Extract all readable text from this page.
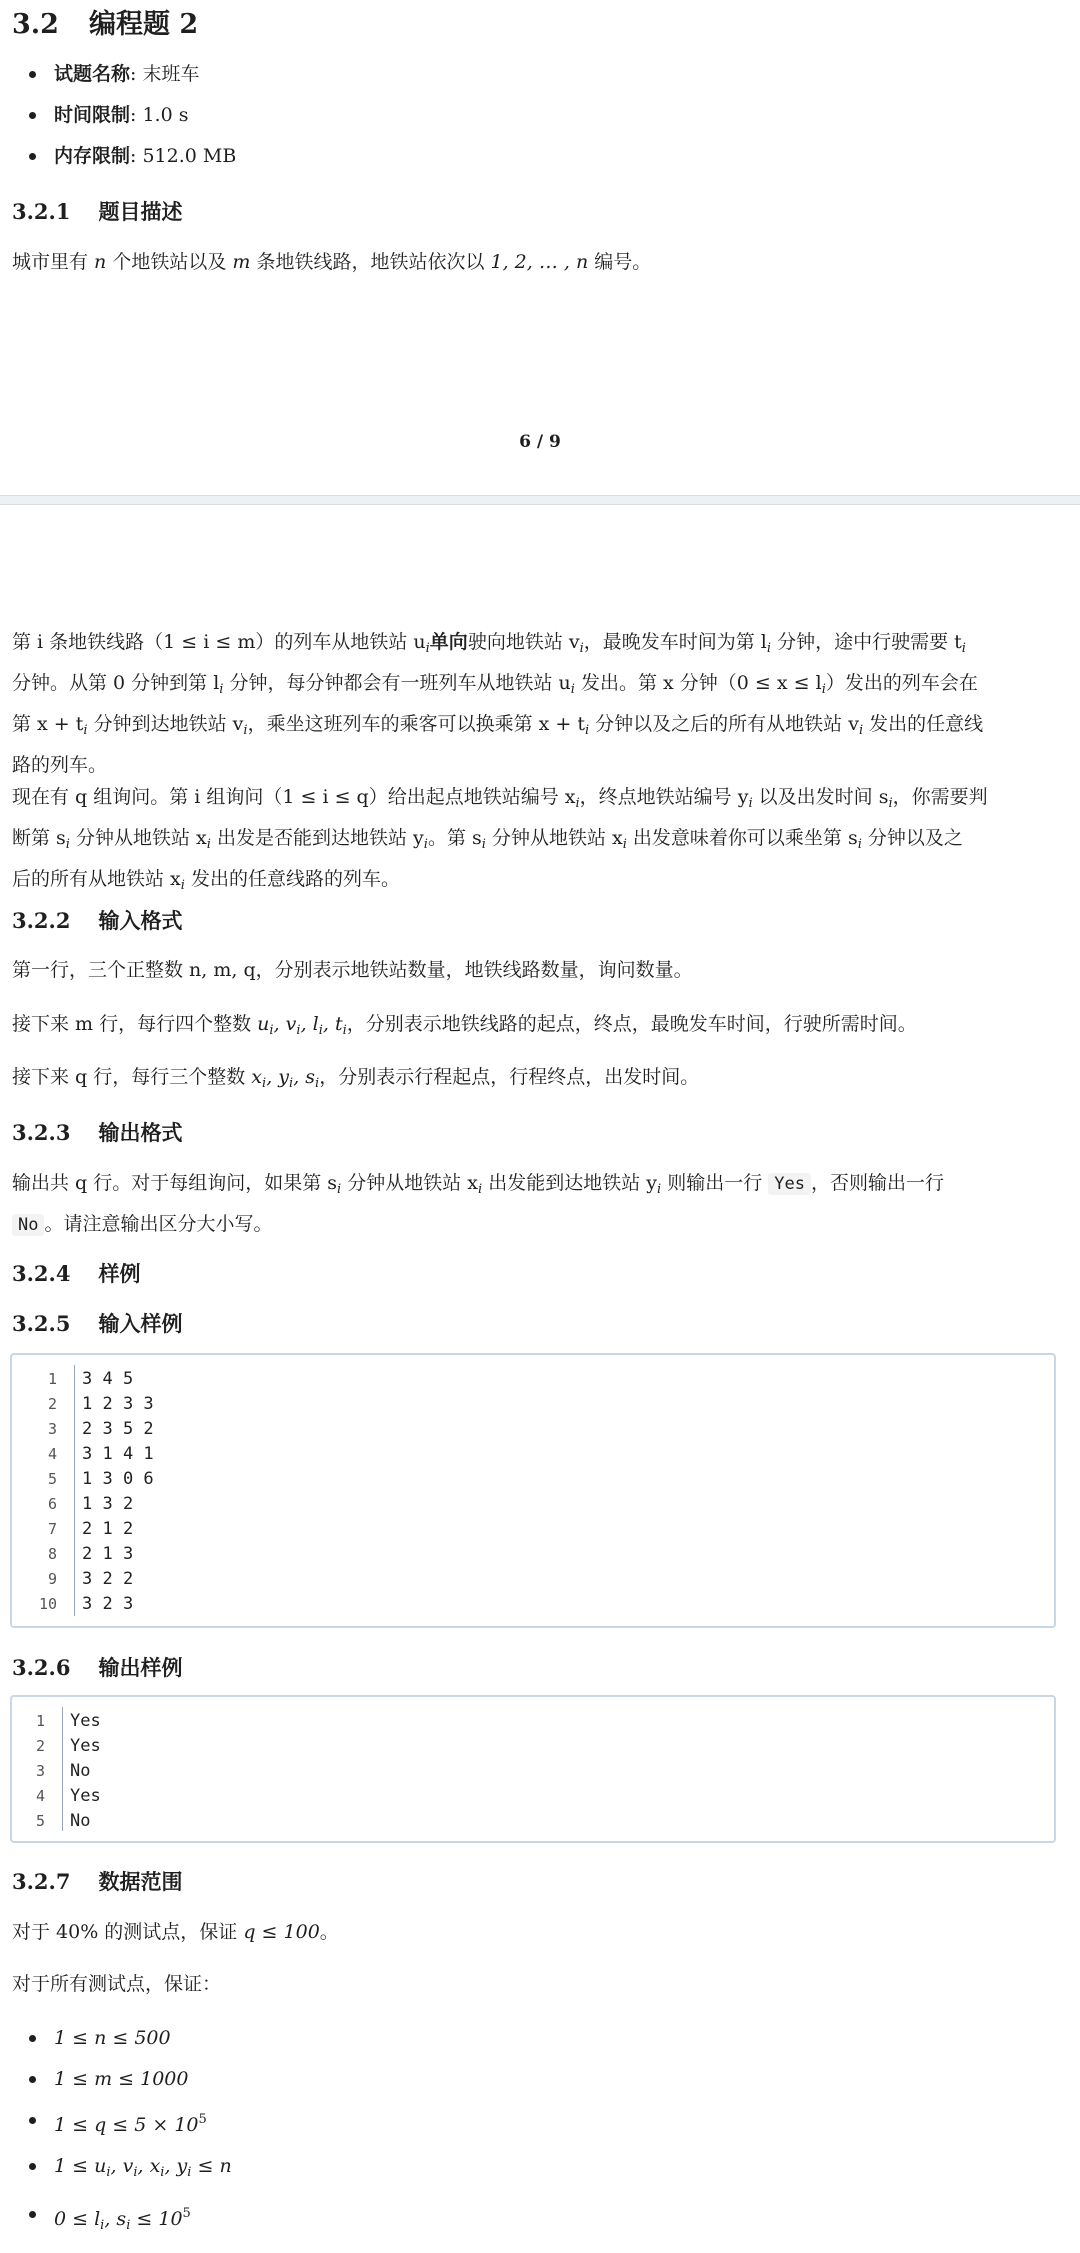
3.2 编程题 2
试题名称: 末班车
时间限制: 1.0 s
内存限制: 512.0 MB
3.2.1 题目描述

城市里有 n 个地铁站以及 m 条地铁线路，地铁站依次以 1, 2, … , n 编号。

6 / 9

第 i 条地铁线路（1 ≤ i ≤ m）的列车从地铁站 $u_i$单向驶向地铁站 $v_i$，最晚发车时间为第 $l_i$ 分钟，途中行驶需要 $t_i$

分钟。从第 0 分钟到第 $l_i$ 分钟，每分钟都会有一班列车从地铁站 $u_i$ 发出。第 x 分钟$(0 \le x \le l_i)$发出的列车会在

第 $x + t_i$ 分钟到达地铁站 $v_i$，乘坐这班列车的乘客可以换乘第 $x + t_i$ 分钟以及之后的所有从地铁站 $v_i$ 发出的任意线

路的列车。

现在有 q 组询问。第 i 组询问（1 ≤ i ≤ q）给出起点地铁站编号 $x_i$，终点地铁站编号 $y_i$ 以及出发时间 $s_i$，你需要判

断第 $s_i$ 分钟从地铁站 $x_i$ 出发是否能到达地铁站 $y_i$。第 $s_i$ 分钟从地铁站 $x_i$ 出发意味着你可以乘坐第 $s_i$ 分钟以及之

后的所有从地铁站 $x_i$ 发出的任意线路的列车。

3.2.2 输入格式

第一行，三个正整数 n, m, q，分别表示地铁站数量，地铁线路数量，询问数量。

接下来 m 行，每行四个整数 $u_i$, $v_i$, $l_i$, $t_i$，分别表示地铁线路的起点，终点，最晚发车时间，行驶所需时间。

接下来 q 行，每行三个整数 $x_i$, $y_i$, $s_i$，分别表示行程起点，行程终点，出发时间。

3.2.3 输出格式

输出共 q 行。对于每组询问，如果第 $s_i$ 分钟从地铁站 $x_i$ 出发能到达地铁站 $y_i$ 则输出一行 Yes ，否则输出一行

No 。请注意输出区分大小写。

3.2.4 样例
3.2.5 输入样例
1 3 4 5
2 1 2 3 3
3 2 3 5 2
4 3 1 4 1
5 1 3 0 6
6 1 3 2
7 2 1 2
8 2 1 3
9 3 2 2
10 3 2 3
3.2.6 输出样例
1 Yes
2 Yes
3 No
4 Yes
5 No
3.2.7 数据范围

对于 40% 的测试点，保证 q ≤ 100。

对于所有测试点，保证：

1 ≤ n ≤ 500
1 ≤ m ≤ 1000
$1 \le q \le 5 \times 10^5$
$1 \le u_i$, $v_i$, $x_i$, $y_i \le n$
$0 \le l_i$, $s_i \le 10^5$
